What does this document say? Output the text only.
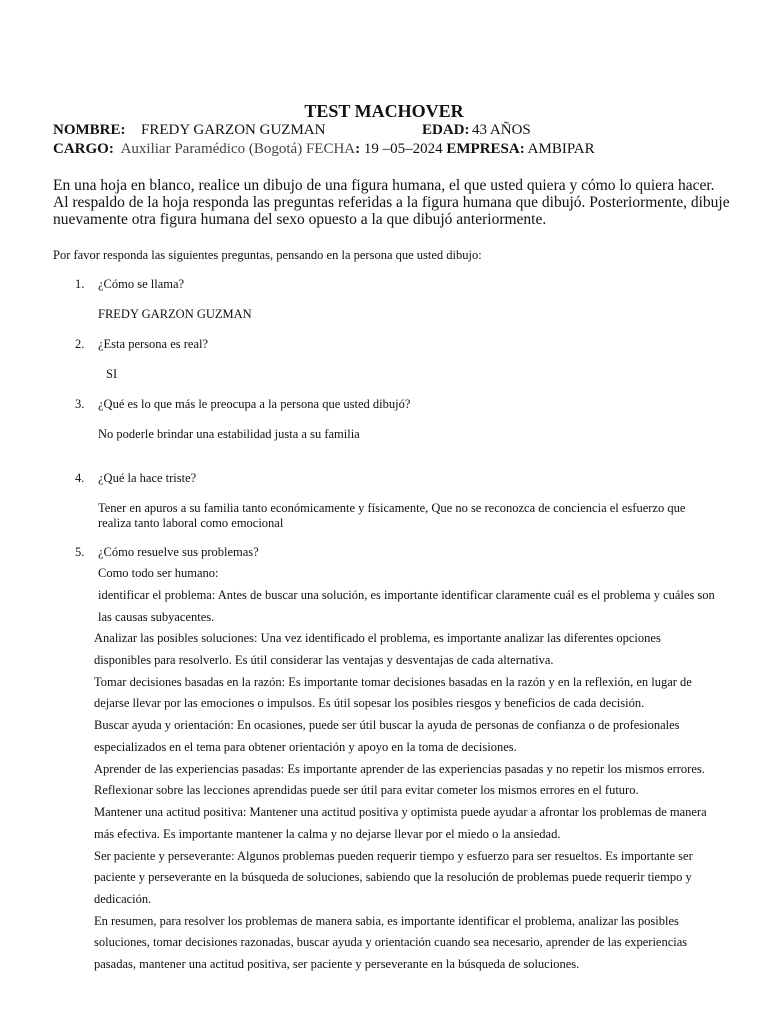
TEST MACHOVER
NOMBRE: FREDY GARZON GUZMAN	EDAD: 43 AÑOS
CARGO: Auxiliar Paramédico (Bogotá) FECHA: 19 –05–2024 EMPRESA: AMBIPAR
En una hoja en blanco, realice un dibujo de una figura humana, el que usted quiera y cómo lo quiera hacer.
Al respaldo de la hoja responda las preguntas referidas a la figura humana que dibujó. Posteriormente, dibuje
nuevamente otra figura humana del sexo opuesto a la que dibujó anteriormente.
Por favor responda las siguientes preguntas, pensando en la persona que usted dibujo:
1. ¿Cómo se llama?
FREDY GARZON GUZMAN
2. ¿Esta persona es real?
SI
3. ¿Qué es lo que más le preocupa a la persona que usted dibujó?
No poderle brindar una estabilidad justa a su familia
4. ¿Qué la hace triste?
Tener en apuros a su familia tanto económicamente y físicamente, Que no se reconozca de conciencia el esfuerzo que
realiza tanto laboral como emocional
5. ¿Cómo resuelve sus problemas?
Como todo ser humano:
identificar el problema: Antes de buscar una solución, es importante identificar claramente cuál es el problema y cuáles son
las causas subyacentes.
Analizar las posibles soluciones: Una vez identificado el problema, es importante analizar las diferentes opciones
disponibles para resolverlo. Es útil considerar las ventajas y desventajas de cada alternativa.
Tomar decisiones basadas en la razón: Es importante tomar decisiones basadas en la razón y en la reflexión, en lugar de
dejarse llevar por las emociones o impulsos. Es útil sopesar los posibles riesgos y beneficios de cada decisión.
Buscar ayuda y orientación: En ocasiones, puede ser útil buscar la ayuda de personas de confianza o de profesionales
especializados en el tema para obtener orientación y apoyo en la toma de decisiones.
Aprender de las experiencias pasadas: Es importante aprender de las experiencias pasadas y no repetir los mismos errores.
Reflexionar sobre las lecciones aprendidas puede ser útil para evitar cometer los mismos errores en el futuro.
Mantener una actitud positiva: Mantener una actitud positiva y optimista puede ayudar a afrontar los problemas de manera
más efectiva. Es importante mantener la calma y no dejarse llevar por el miedo o la ansiedad.
Ser paciente y perseverante: Algunos problemas pueden requerir tiempo y esfuerzo para ser resueltos. Es importante ser
paciente y perseverante en la búsqueda de soluciones, sabiendo que la resolución de problemas puede requerir tiempo y
dedicación.
En resumen, para resolver los problemas de manera sabia, es importante identificar el problema, analizar las posibles
soluciones, tomar decisiones razonadas, buscar ayuda y orientación cuando sea necesario, aprender de las experiencias
pasadas, mantener una actitud positiva, ser paciente y perseverante en la búsqueda de soluciones.
